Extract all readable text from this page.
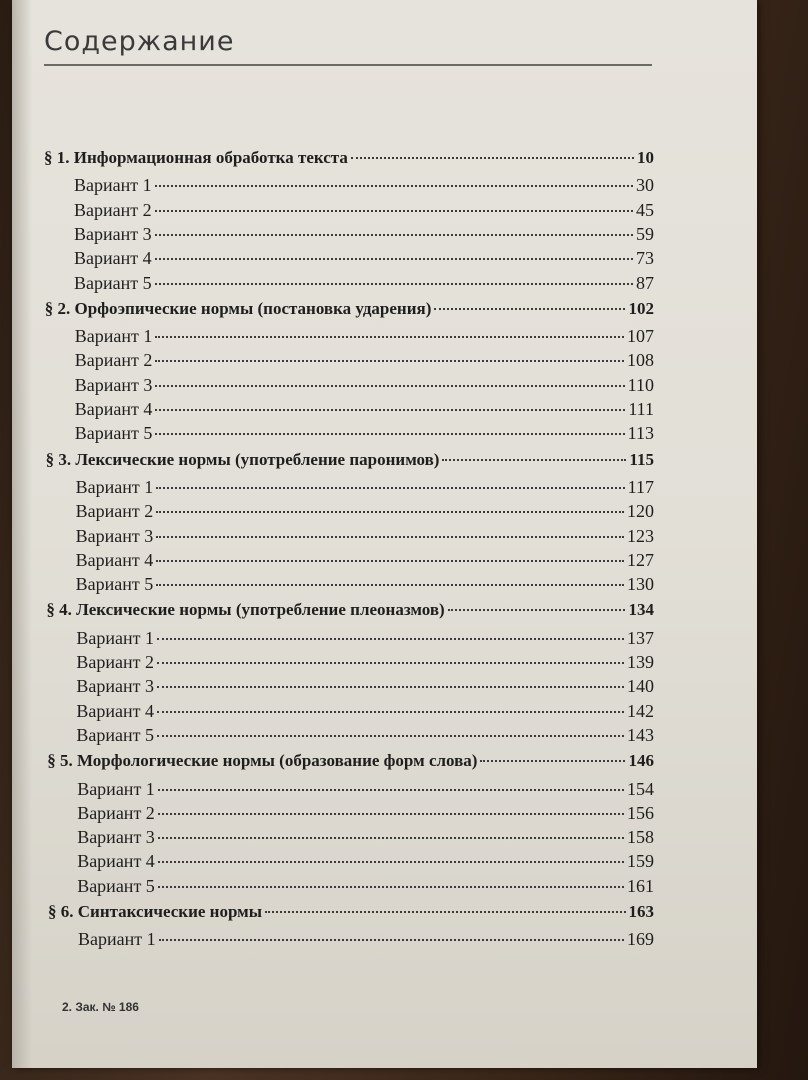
Содержание
§ 1. Информационная обработка текста	10
Вариант 1	30
Вариант 2	45
Вариант 3	59
Вариант 4	73
Вариант 5	87
§ 2. Орфоэпические нормы (постановка ударения)	102
Вариант 1	107
Вариант 2	108
Вариант 3	110
Вариант 4	111
Вариант 5	113
§ 3. Лексические нормы (употребление паронимов)	115
Вариант 1	117
Вариант 2	120
Вариант 3	123
Вариант 4	127
Вариант 5	130
§ 4. Лексические нормы (употребление плеоназмов)	134
Вариант 1	137
Вариант 2	139
Вариант 3	140
Вариант 4	142
Вариант 5	143
§ 5. Морфологические нормы (образование форм слова)	146
Вариант 1	154
Вариант 2	156
Вариант 3	158
Вариант 4	159
Вариант 5	161
§ 6. Синтаксические нормы	163
Вариант 1	169
2. Зак. № 186
